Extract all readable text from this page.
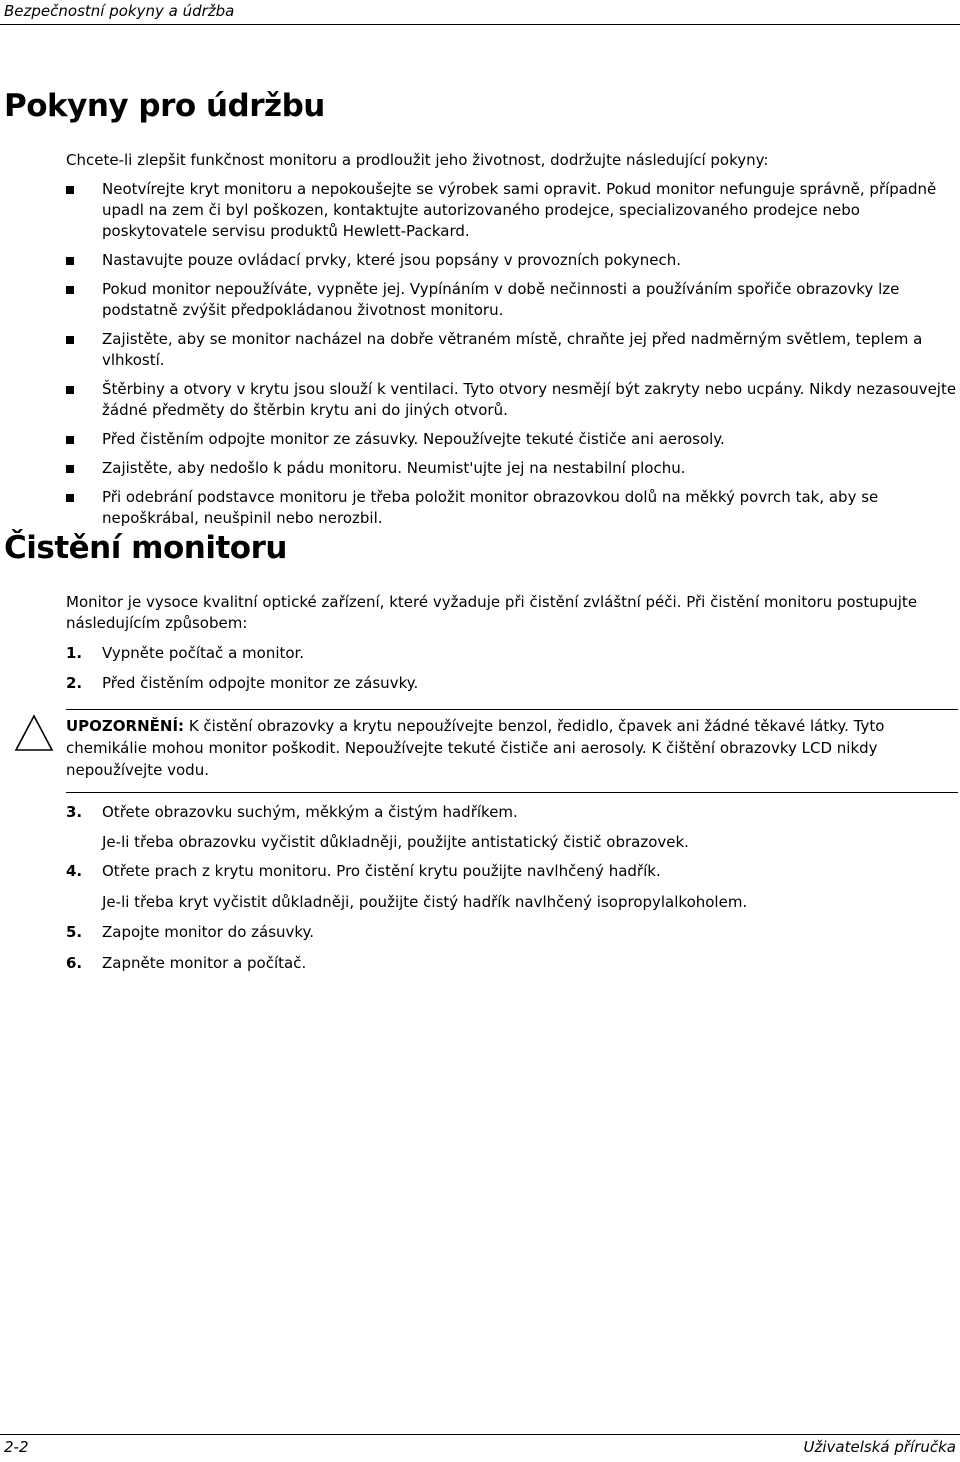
Bezpečnostní pokyny a údržba
Pokyny pro údržbu
Chcete-li zlepšit funkčnost monitoru a prodloužit jeho životnost, dodržujte následující pokyny:
Neotvírejte kryt monitoru a nepokoušejte se výrobek sami opravit. Pokud monitor nefunguje správně, případně upadl na zem či byl poškozen, kontaktujte autorizovaného prodejce, specializovaného prodejce nebo poskytovatele servisu produktů Hewlett-Packard.
Nastavujte pouze ovládací prvky, které jsou popsány v provozních pokynech.
Pokud monitor nepoužíváte, vypněte jej. Vypínáním v době nečinnosti a používáním spořiče obrazovky lze podstatně zvýšit předpokládanou životnost monitoru.
Zajistěte, aby se monitor nacházel na dobře větraném místě, chraňte jej před nadměrným světlem, teplem a vlhkostí.
Štěrbiny a otvory v krytu jsou slouží k ventilaci. Tyto otvory nesmějí být zakryty nebo ucpány. Nikdy nezasouvejte žádné předměty do štěrbin krytu ani do jiných otvorů.
Před čistěním odpojte monitor ze zásuvky. Nepoužívejte tekuté čističe ani aerosoly.
Zajistěte, aby nedošlo k pádu monitoru. Neumist'ujte jej na nestabilní plochu.
Při odebrání podstavce monitoru je třeba položit monitor obrazovkou dolů na měkký povrch tak, aby se nepoškrábal, neušpinil nebo nerozbil.
Čistění monitoru
Monitor je vysoce kvalitní optické zařízení, které vyžaduje při čistění zvláštní péči. Při čistění monitoru postupujte následujícím způsobem:
1. Vypněte počítač a monitor.
2. Před čistěním odpojte monitor ze zásuvky.
UPOZORNĚNÍ: K čistění obrazovky a krytu nepoužívejte benzol, ředidlo, čpavek ani žádné těkavé látky. Tyto chemikálie mohou monitor poškodit. Nepoužívejte tekuté čističe ani aerosoly. K čištění obrazovky LCD nikdy nepoužívejte vodu.
3. Otřete obrazovku suchým, měkkým a čistým hadříkem.
Je-li třeba obrazovku vyčistit důkladněji, použijte antistatický čistič obrazovek.
4. Otřete prach z krytu monitoru. Pro čistění krytu použijte navlhčený hadřík.
Je-li třeba kryt vyčistit důkladněji, použijte čistý hadřík navlhčený isopropylalkoholem.
5. Zapojte monitor do zásuvky.
6. Zapněte monitor a počítač.
2-2	Uživatelská příručka
